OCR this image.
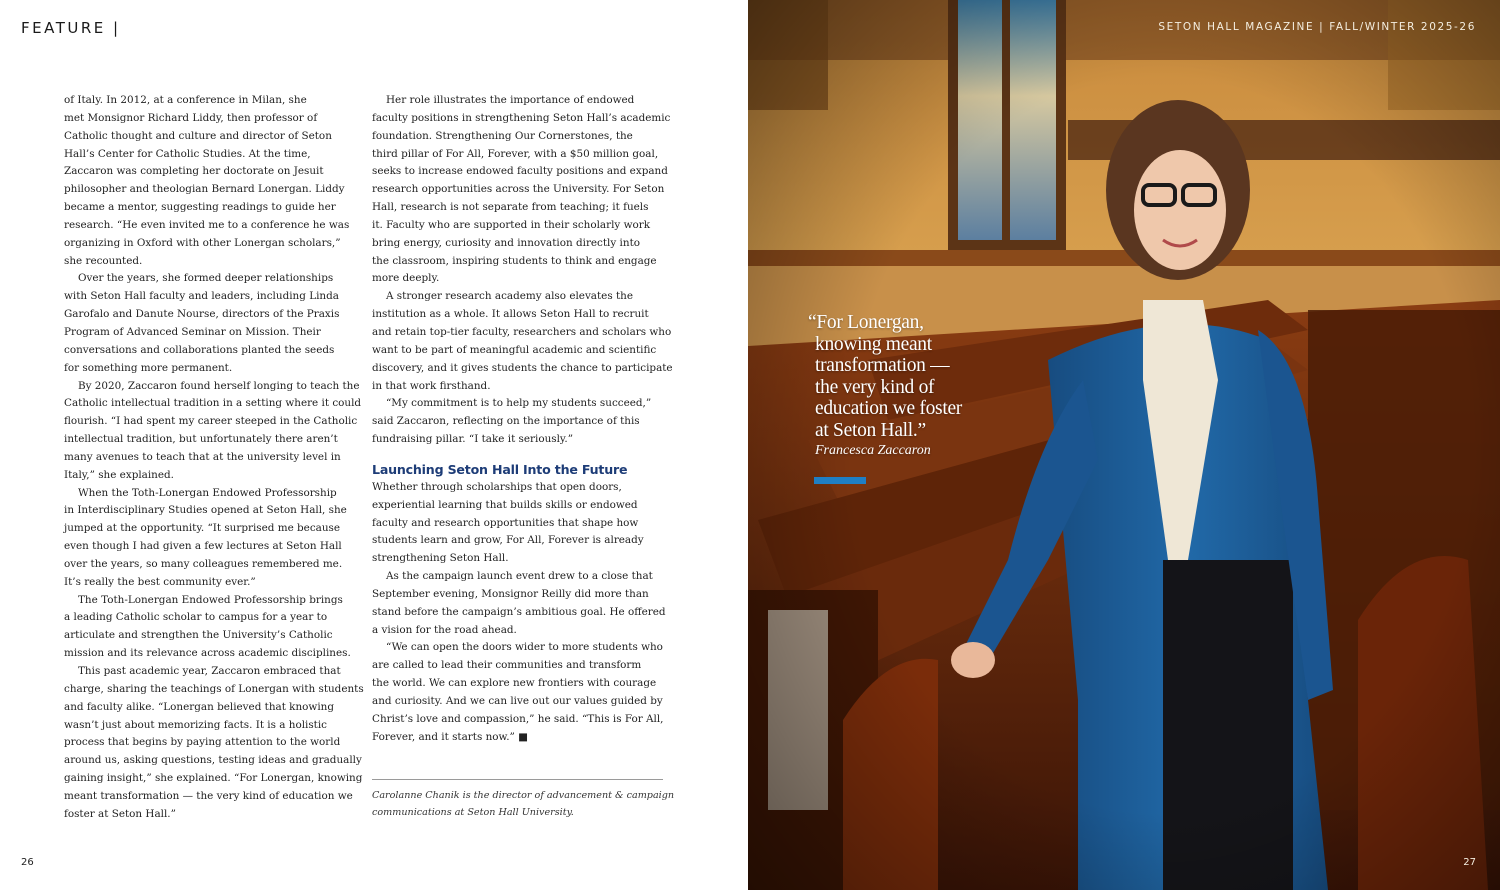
FEATURE |
of Italy. In 2012, at a conference in Milan, she
met Monsignor Richard Liddy, then professor of
Catholic thought and culture and director of Seton
Hall’s Center for Catholic Studies. At the time,
Zaccaron was completing her doctorate on Jesuit
philosopher and theologian Bernard Lonergan. Liddy
became a mentor, suggesting readings to guide her
research. “He even invited me to a conference he was
organizing in Oxford with other Lonergan scholars,”
she recounted.
Over the years, she formed deeper relationships
with Seton Hall faculty and leaders, including Linda
Garofalo and Danute Nourse, directors of the Praxis
Program of Advanced Seminar on Mission. Their
conversations and collaborations planted the seeds
for something more permanent.
By 2020, Zaccaron found herself longing to teach the
Catholic intellectual tradition in a setting where it could
flourish. “I had spent my career steeped in the Catholic
intellectual tradition, but unfortunately there aren’t
many avenues to teach that at the university level in
Italy,” she explained.
When the Toth-Lonergan Endowed Professorship
in Interdisciplinary Studies opened at Seton Hall, she
jumped at the opportunity. “It surprised me because
even though I had given a few lectures at Seton Hall
over the years, so many colleagues remembered me.
It’s really the best community ever.”
The Toth-Lonergan Endowed Professorship brings
a leading Catholic scholar to campus for a year to
articulate and strengthen the University’s Catholic
mission and its relevance across academic disciplines.
This past academic year, Zaccaron embraced that
charge, sharing the teachings of Lonergan with students
and faculty alike. “Lonergan believed that knowing
wasn’t just about memorizing facts. It is a holistic
process that begins by paying attention to the world
around us, asking questions, testing ideas and gradually
gaining insight,” she explained. “For Lonergan, knowing
meant transformation — the very kind of education we
foster at Seton Hall.”
Her role illustrates the importance of endowed
faculty positions in strengthening Seton Hall’s academic
foundation. Strengthening Our Cornerstones, the
third pillar of For All, Forever, with a $50 million goal,
seeks to increase endowed faculty positions and expand
research opportunities across the University. For Seton
Hall, research is not separate from teaching; it fuels
it. Faculty who are supported in their scholarly work
bring energy, curiosity and innovation directly into
the classroom, inspiring students to think and engage
more deeply.
A stronger research academy also elevates the
institution as a whole. It allows Seton Hall to recruit
and retain top-tier faculty, researchers and scholars who
want to be part of meaningful academic and scientific
discovery, and it gives students the chance to participate
in that work firsthand.
“My commitment is to help my students succeed,”
said Zaccaron, reflecting on the importance of this
fundraising pillar. “I take it seriously.”
Launching Seton Hall Into the Future
Whether through scholarships that open doors,
experiential learning that builds skills or endowed
faculty and research opportunities that shape how
students learn and grow, For All, Forever is already
strengthening Seton Hall.
As the campaign launch event drew to a close that
September evening, Monsignor Reilly did more than
stand before the campaign’s ambitious goal. He offered
a vision for the road ahead.
“We can open the doors wider to more students who
are called to lead their communities and transform
the world. We can explore new frontiers with courage
and curiosity. And we can live out our values guided by
Christ’s love and compassion,” he said. “This is For All,
Forever, and it starts now.” ■
Carolanne Chanik is the director of advancement & campaign
communications at Seton Hall University.
26
SETON HALL MAGAZINE | FALL/WINTER 2025-26
“For Lonergan,
knowing meant
transformation —
the very kind of
education we foster
at Seton Hall.”
Francesca Zaccaron
27
